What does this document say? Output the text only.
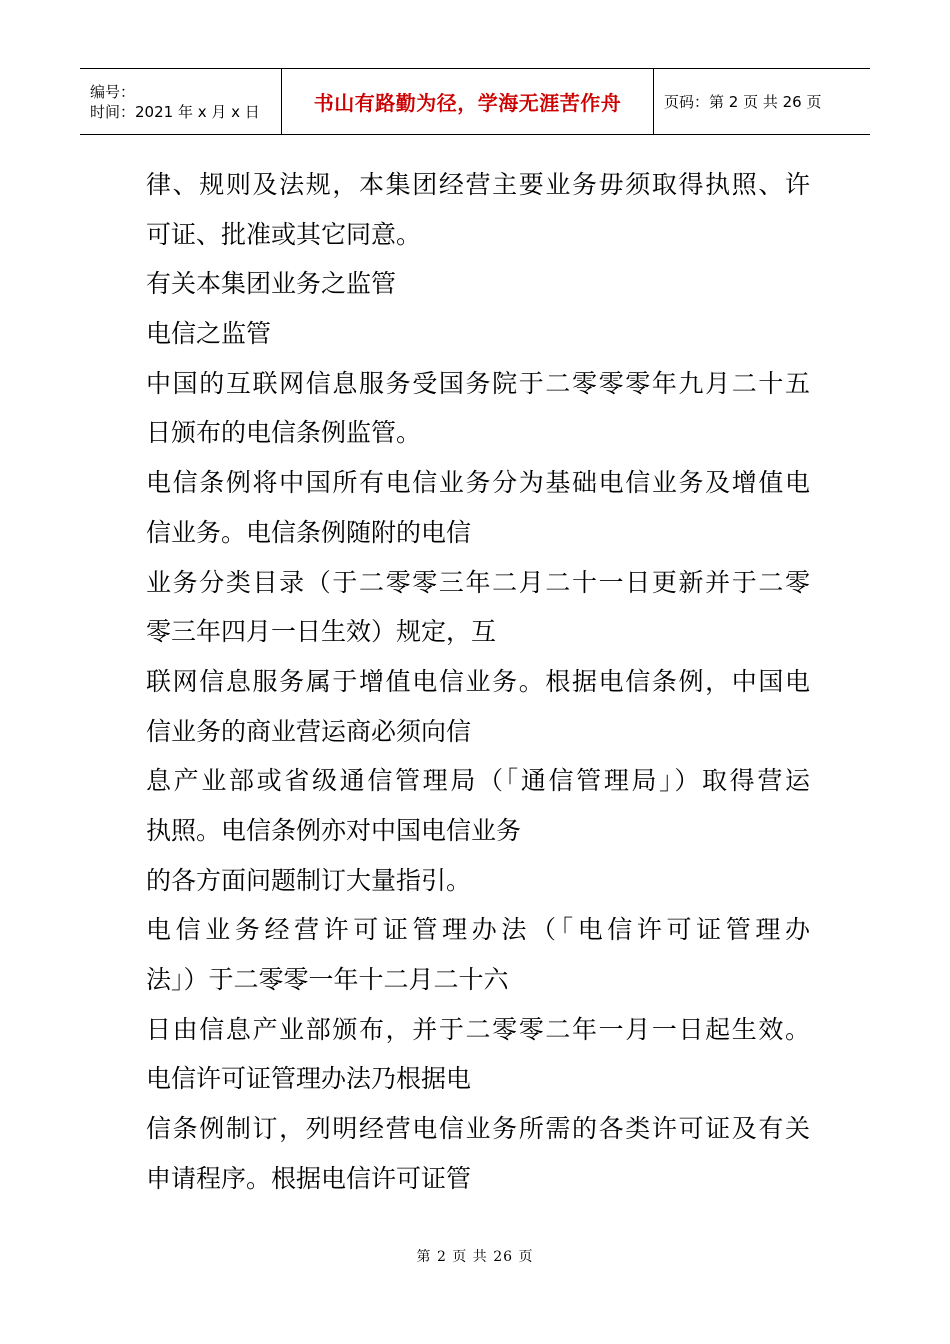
编号：
时间：2021 年 x 月 x 日	书山有路勤为径，学海无涯苦作舟	页码：第 2 页 共 26 页
律、规则及法规，本集团经营主要业务毋须取得执照、许
可证、批准或其它同意。
有关本集团业务之监管
电信之监管
中国的互联网信息服务受国务院于二零零零年九月二十五
日颁布的电信条例监管。
电信条例将中国所有电信业务分为基础电信业务及增值电
信业务。电信条例随附的电信
业务分类目录（于二零零三年二月二十一日更新并于二零
零三年四月一日生效）规定，互
联网信息服务属于增值电信业务。根据电信条例，中国电
信业务的商业营运商必须向信
息产业部或省级通信管理局（「通信管理局」）取得营运
执照。电信条例亦对中国电信业务
的各方面问题制订大量指引。
电信业务经营许可证管理办法（「电信许可证管理办
法」）于二零零一年十二月二十六
日由信息产业部颁布，并于二零零二年一月一日起生效。
电信许可证管理办法乃根据电
信条例制订，列明经营电信业务所需的各类许可证及有关
申请程序。根据电信许可证管
第 2 页 共 26 页
